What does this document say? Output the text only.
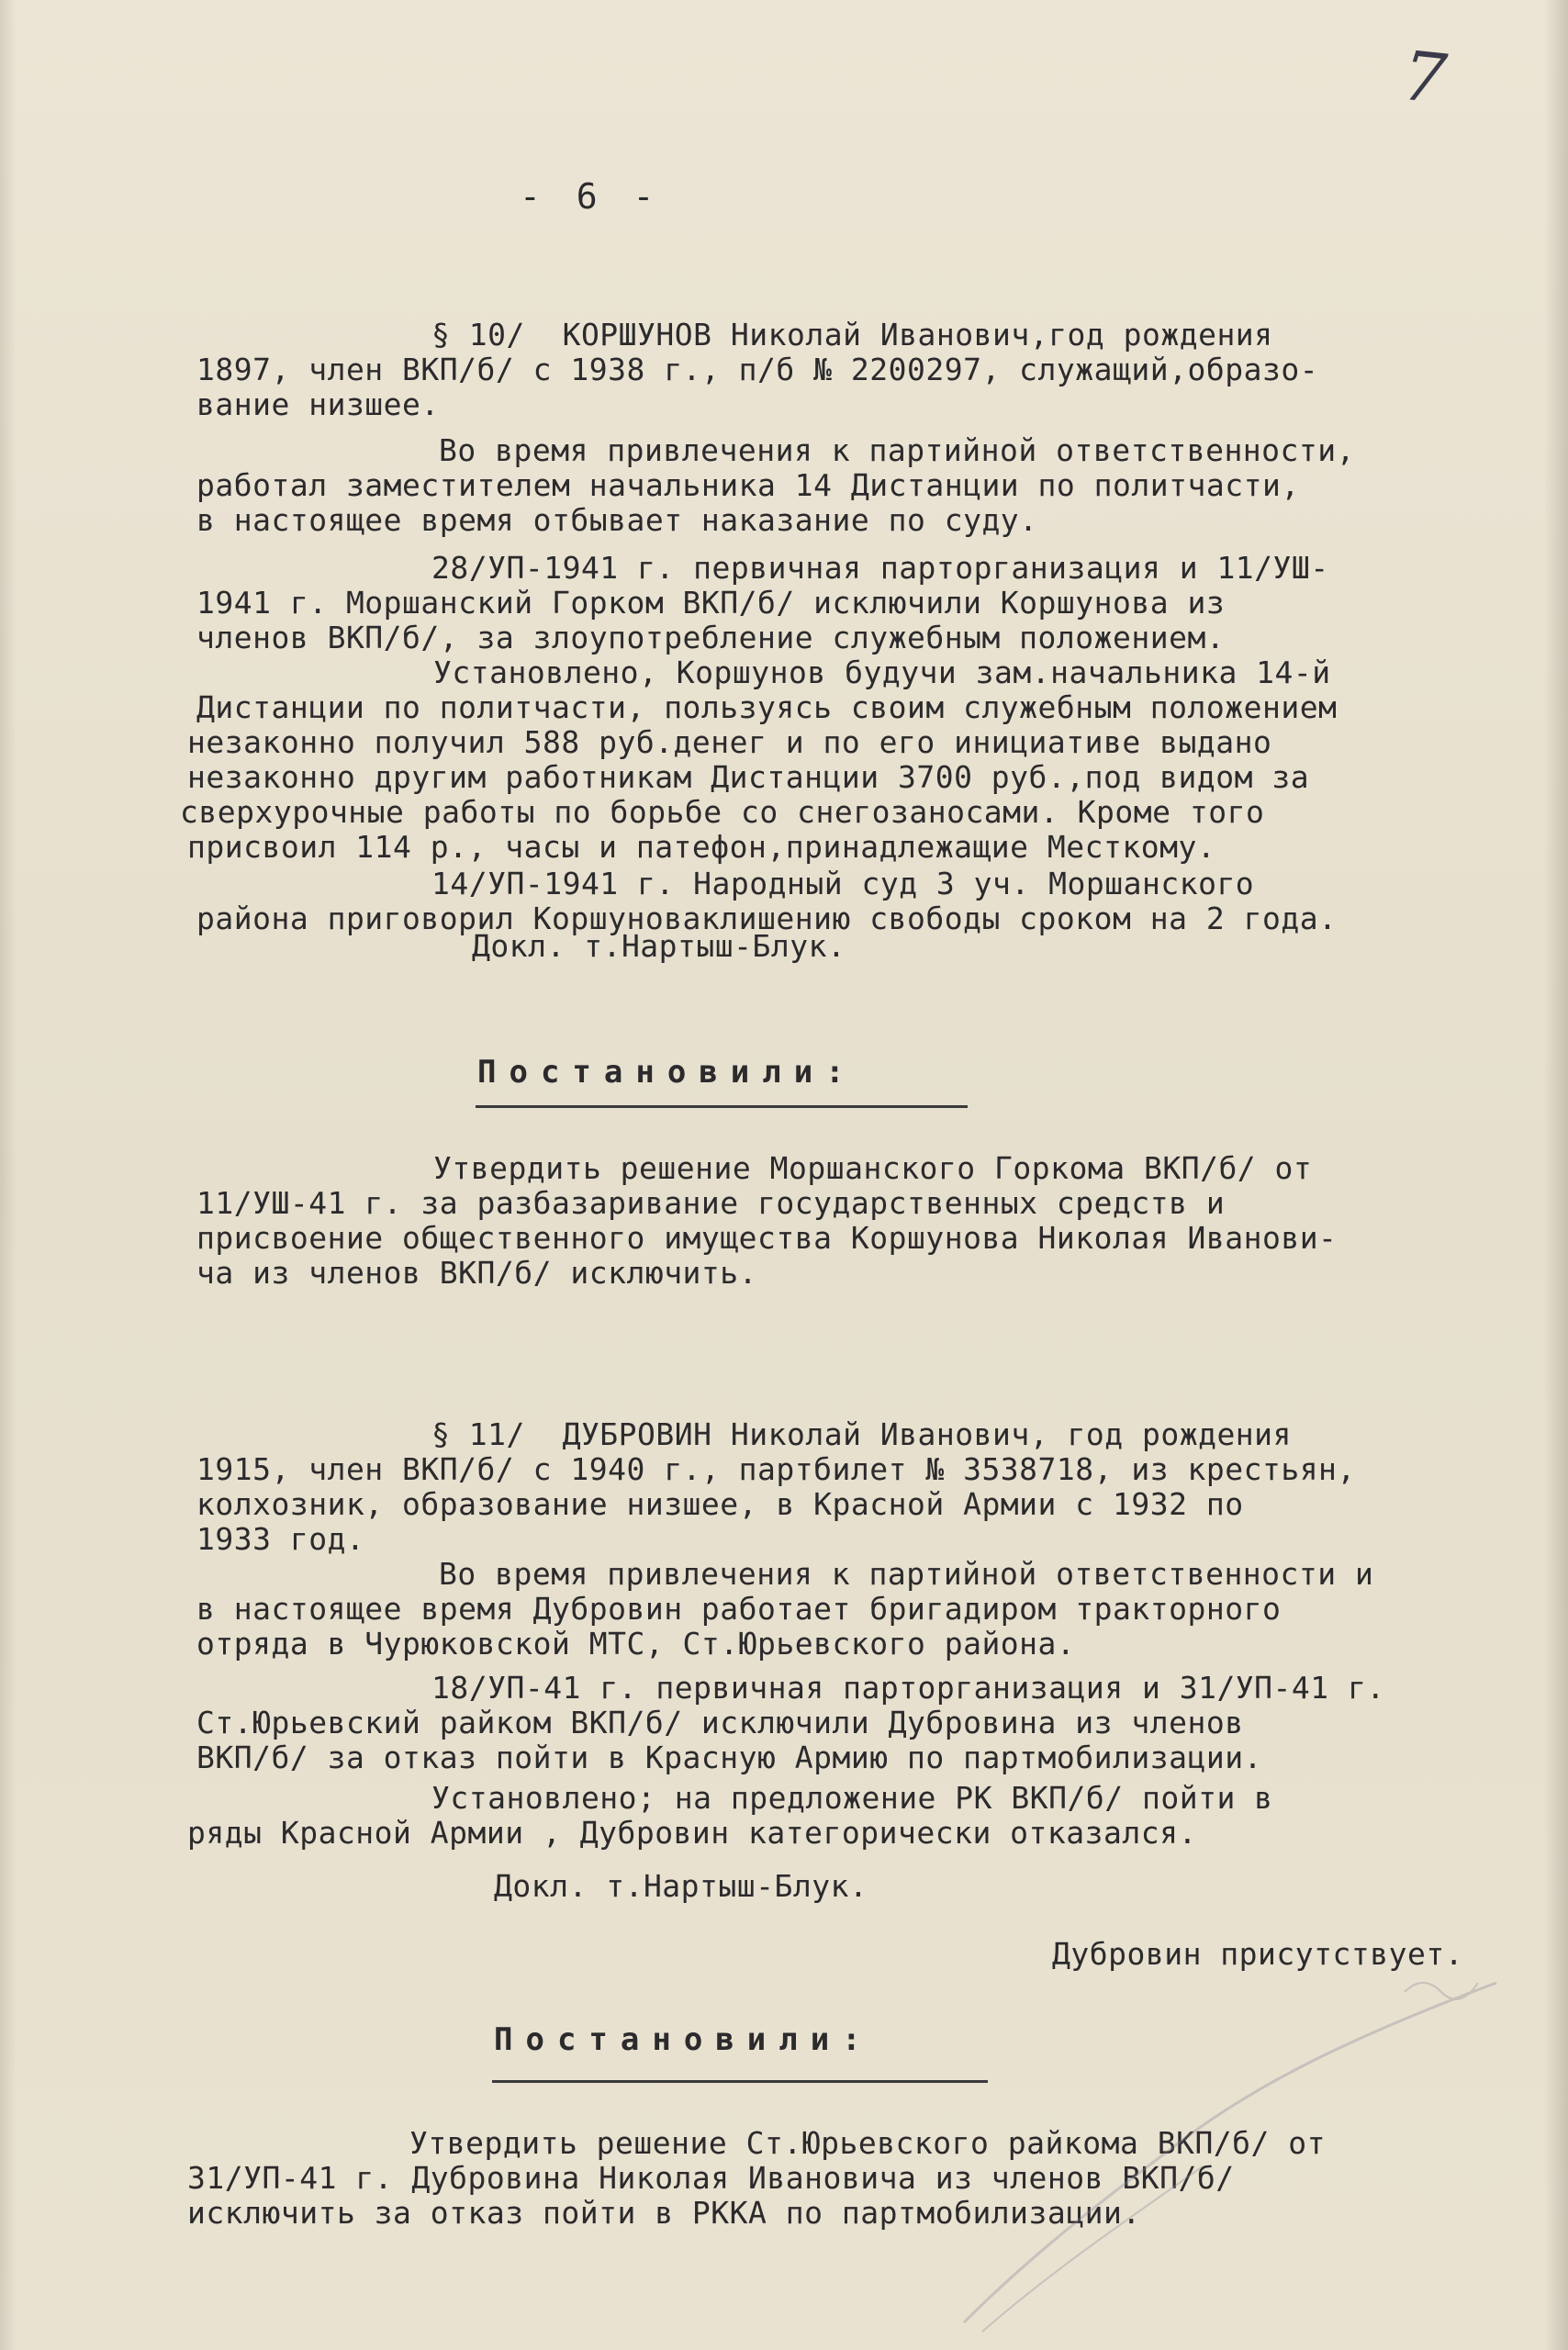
7
- 6 -
§ 10/  КОРШУНОВ Николай Иванович,год рождения
1897, член ВКП/б/ с 1938 г., п/б № 2200297, служащий,образо-
вание низшее.
Во время привлечения к партийной ответственности,
работал заместителем начальника 14 Дистанции по политчасти,
в настоящее время отбывает наказание по суду.
28/УП-1941 г. первичная парторганизация и 11/УШ-
1941 г. Моршанский Горком ВКП/б/ исключили Коршунова из
членов ВКП/б/, за злоупотребление служебным положением.
Установлено, Коршунов будучи зам.начальника 14-й
Дистанции по политчасти, пользуясь своим служебным положением
незаконно получил 588 руб.денег и по его инициативе выдано
незаконно другим работникам Дистанции 3700 руб.,под видом за
сверхурочные работы по борьбе со снегозаносами. Кроме того
присвоил 114 р., часы и патефон,принадлежащие Месткому.
14/УП-1941 г. Народный суд 3 уч. Моршанского
района приговорил Коршуноваклишению свободы сроком на 2 года.
Докл. т.Нартыш-Блук.
Постановили:
Утвердить решение Моршанского Горкома ВКП/б/ от
11/УШ-41 г. за разбазаривание государственных средств и
присвоение общественного имущества Коршунова Николая Иванови-
ча из членов ВКП/б/ исключить.
§ 11/  ДУБРОВИН Николай Иванович, год рождения
1915, член ВКП/б/ с 1940 г., партбилет № 3538718, из крестьян,
колхозник, образование низшее, в Красной Армии с 1932 по
1933 год.
Во время привлечения к партийной ответственности и
в настоящее время Дубровин работает бригадиром тракторного
отряда в Чурюковской МТС, Ст.Юрьевского района.
18/УП-41 г. первичная парторганизация и 31/УП-41 г.
Ст.Юрьевский райком ВКП/б/ исключили Дубровина из членов
ВКП/б/ за отказ пойти в Красную Армию по партмобилизации.
Установлено; на предложение РК ВКП/б/ пойти в
ряды Красной Армии , Дубровин категорически отказался.
Докл. т.Нартыш-Блук.
Дубровин присутствует.
Постановили:
Утвердить решение Ст.Юрьевского райкома ВКП/б/ от
31/УП-41 г. Дубровина Николая Ивановича из членов ВКП/б/
исключить за отказ пойти в РККА по партмобилизации.
